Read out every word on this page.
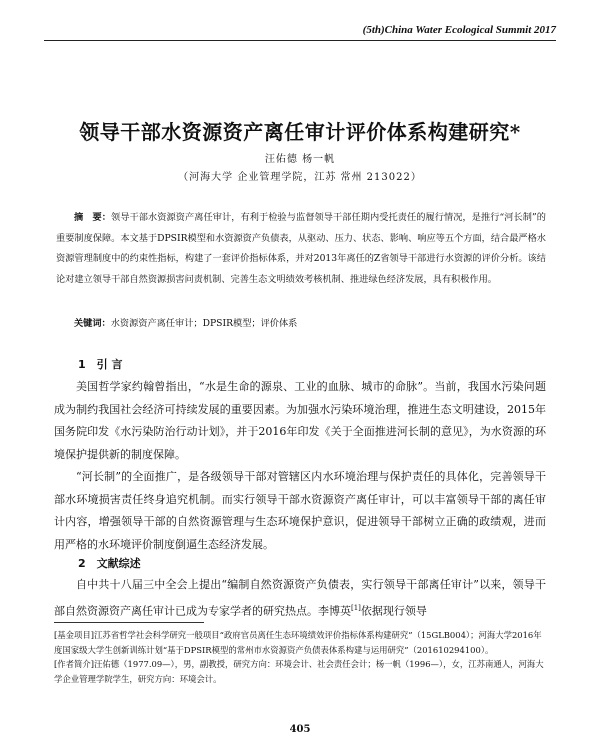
(5th)China Water Ecological Summit 2017
领导干部水资源资产离任审计评价体系构建研究*
汪佑德 杨一帆
（河海大学 企业管理学院，江苏 常州 213022）
摘　要：领导干部水资源资产离任审计，有利于检验与监督领导干部任期内受托责任的履行情况，是推行“河长制”的重要制度保障。本文基于DPSIR模型和水资源资产负债表，从驱动、压力、状态、影响、响应等五个方面，结合最严格水资源管理制度中的约束性指标，构建了一套评价指标体系，并对2013年离任的Z省领导干部进行水资源的评价分析。该结论对建立领导干部自然资源损害问责机制、完善生态文明绩效考核机制、推进绿色经济发展，具有积极作用。
关键词：水资源资产离任审计；DPSIR模型；评价体系
1　引 言
美国哲学家约翰曾指出，“水是生命的源泉、工业的血脉、城市的命脉”。当前，我国水污染问题成为制约我国社会经济可持续发展的重要因素。为加强水污染环境治理，推进生态文明建设，2015年国务院印发《水污染防治行动计划》，并于2016年印发《关于全面推进河长制的意见》，为水资源的环境保护提供新的制度保障。
“河长制”的全面推广，是各级领导干部对管辖区内水环境治理与保护责任的具体化，完善领导干部水环境损害责任终身追究机制。而实行领导干部水资源资产离任审计，可以丰富领导干部的离任审计内容，增强领导干部的自然资源管理与生态环境保护意识，促进领导干部树立正确的政绩观，进而用严格的水环境评价制度倒逼生态经济发展。
2　文献综述
自中共十八届三中全会上提出“编制自然资源资产负债表，实行领导干部离任审计”以来，领导干部自然资源资产离任审计已成为专家学者的研究热点。李博英[1]依据现行领导

[基金项目]江苏省哲学社会科学研究一般项目“政府官员离任生态环境绩效评价指标体系构建研究”（15GLB004）；河海大学2016年度国家级大学生创新训练计划“基于DPSIR模型的常州市水资源资产负债表体系构建与运用研究”（201610294100）。

[作者简介]汪佑德（1977.09—），男，副教授，研究方向：环境会计、社会责任会计；杨一帆（1996—），女，江苏南通人，河海大学企业管理学院学生，研究方向：环境会计。

405
